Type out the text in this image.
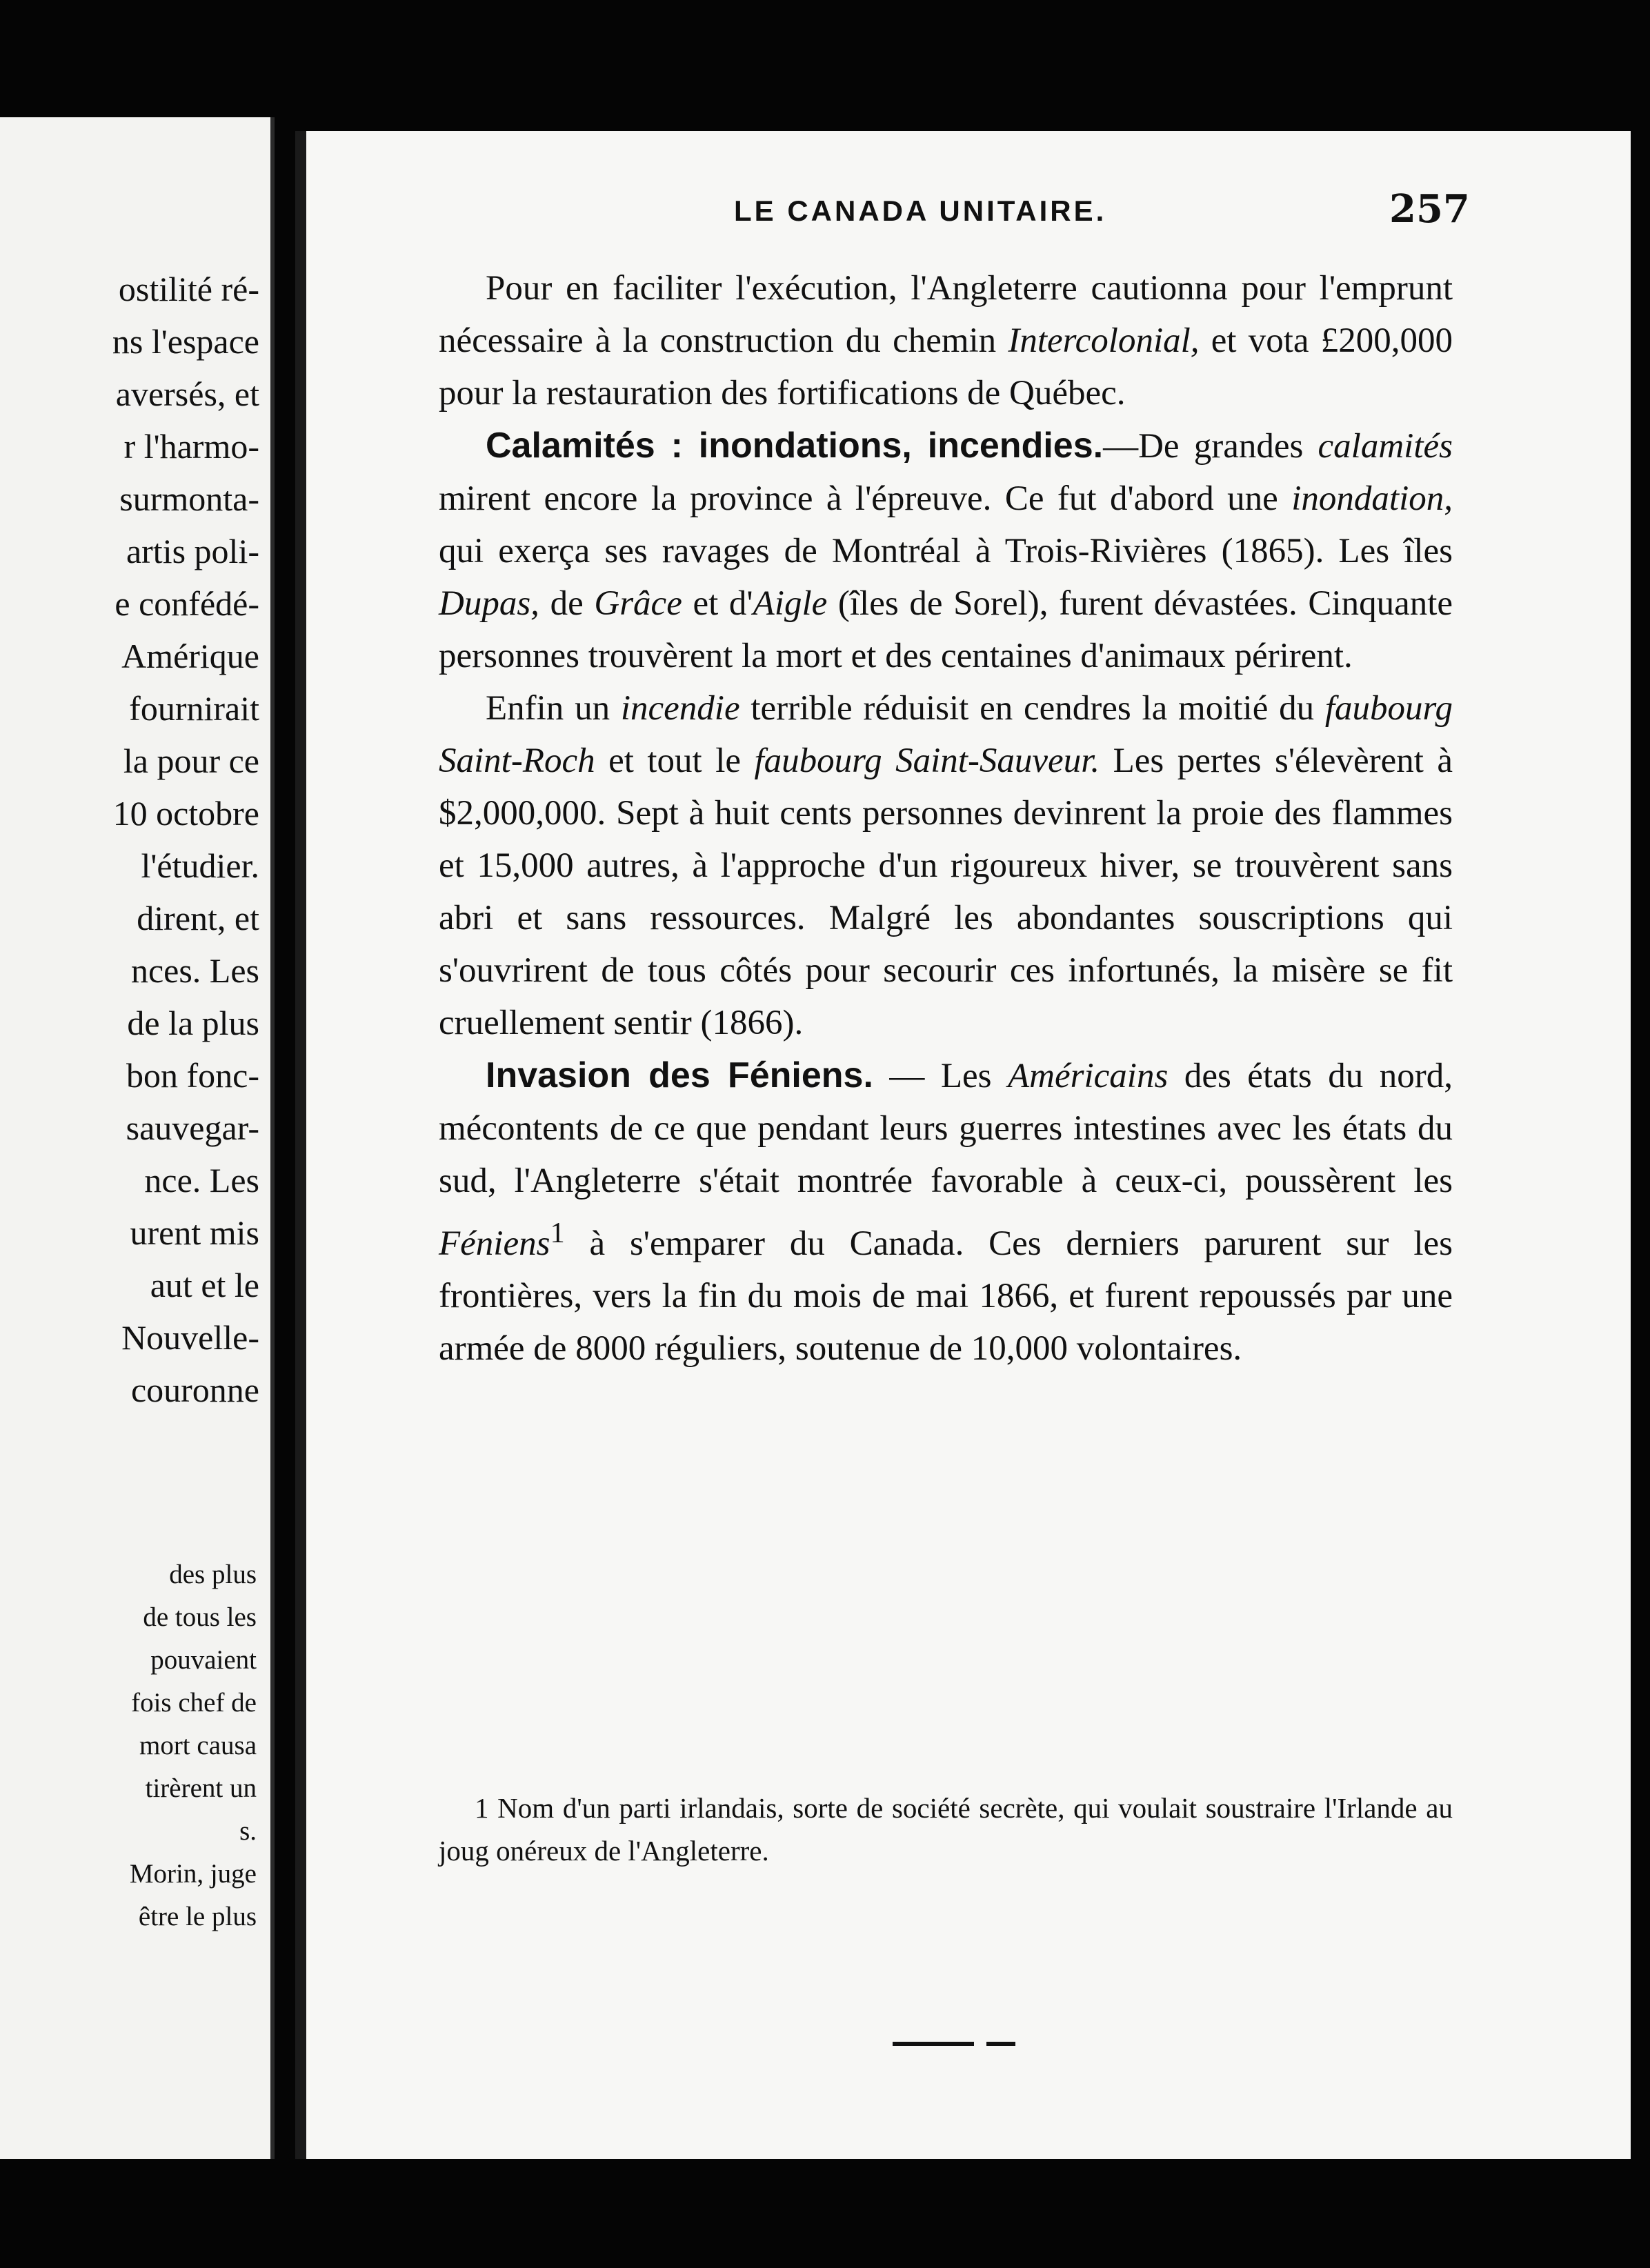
ostilité ré-
ns l'espace
aversés, et
r l'harmo-
surmonta-
artis poli-
e confédé-
Amérique
fournirait
la pour ce
10 octobre
l'étudier.
dirent, et
nces. Les
de la plus
bon fonc-
sauvegar-
nce. Les
urent mis
aut et le
Nouvelle-
couronne
des plus
de tous les
pouvaient
fois chef de
mort causa
tirèrent un
s.
Morin, juge
être le plus
LE CANADA UNITAIRE.	257

Pour en faciliter l'exécution, l'Angleterre cautionna pour l'emprunt nécessaire à la construction du chemin Intercolonial, et vota £200,000 pour la restauration des fortifications de Québec.

Calamités : inondations, incendies.—De grandes calamités mirent encore la province à l'épreuve. Ce fut d'abord une inondation, qui exerça ses ravages de Montréal à Trois-Rivières (1865). Les îles Dupas, de Grâce et d'Aigle (îles de Sorel), furent dévastées. Cinquante personnes trouvèrent la mort et des centaines d'animaux périrent.

Enfin un incendie terrible réduisit en cendres la moitié du faubourg Saint-Roch et tout le faubourg Saint-Sauveur. Les pertes s'élevèrent à $2,000,000. Sept à huit cents personnes devinrent la proie des flammes et 15,000 autres, à l'approche d'un rigoureux hiver, se trouvèrent sans abri et sans ressources. Malgré les abondantes souscriptions qui s'ouvrirent de tous côtés pour secourir ces infortunés, la misère se fit cruellement sentir (1866).

Invasion des Féniens. — Les Américains des états du nord, mécontents de ce que pendant leurs guerres intestines avec les états du sud, l'Angleterre s'était montrée favorable à ceux-ci, poussèrent les Féniens$^1$ à s'emparer du Canada. Ces derniers parurent sur les frontières, vers la fin du mois de mai 1866, et furent repoussés par une armée de 8000 réguliers, soutenue de 10,000 volontaires.

1 Nom d'un parti irlandais, sorte de société secrète, qui voulait soustraire l'Irlande au joug onéreux de l'Angleterre.
